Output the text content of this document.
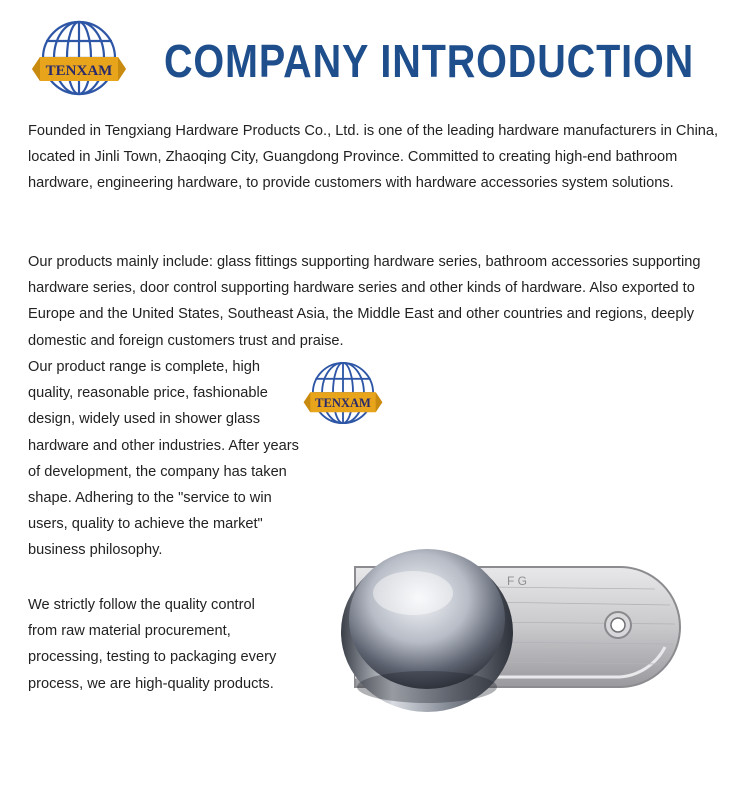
TENXAM COMPANY INTRODUCTION

Founded in Tengxiang Hardware Products Co., Ltd. is one of the leading hardware manufacturers in China, located in Jinli Town, Zhaoqing City, Guangdong Province. Committed to creating high-end bathroom hardware, engineering hardware, to provide customers with hardware accessories system solutions.

Our products mainly include: glass fittings supporting hardware series, bathroom accessories supporting hardware series, door control supporting hardware series and other kinds of hardware. Also exported to Europe and the United States, Southeast Asia, the Middle East and other countries and regions, deeply domestic and foreign customers trust and praise.

Our product range is complete, high quality, reasonable price, fashionable design, widely used in shower glass hardware and other industries. After years of development, the company has taken shape. Adhering to the "service to win users, quality to achieve the market" business philosophy.

We strictly follow the quality control from raw material procurement, processing, testing to packaging every process, we are high-quality products.

TENXAM
F G
